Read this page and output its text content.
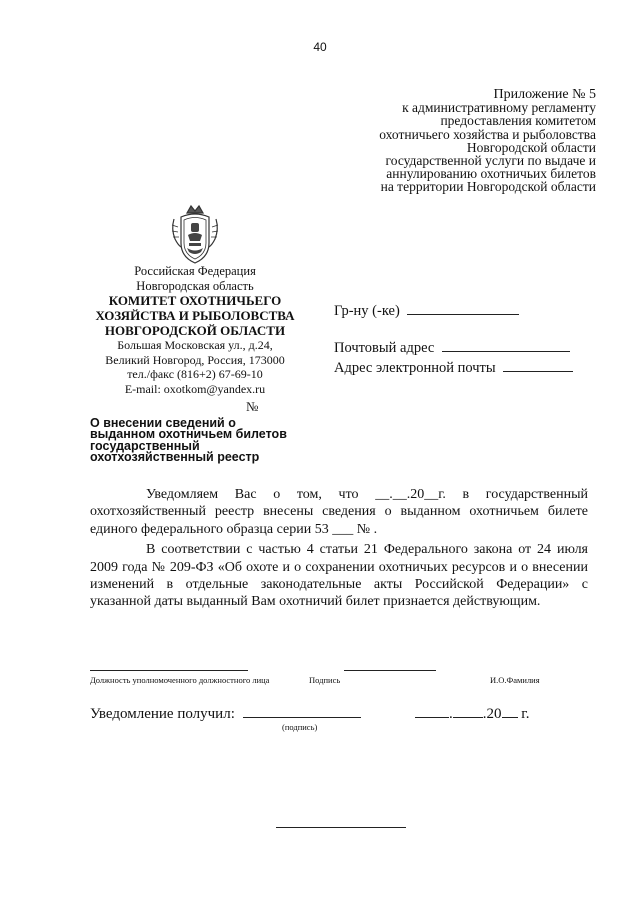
40
Приложение № 5
к административному регламенту
предоставления комитетом
охотничьего хозяйства и рыболовства
Новгородской области
государственной услуги по выдаче и
аннулированию охотничьих билетов
на территории Новгородской области
Российская Федерация
Новгородская область
КОМИТЕТ ОХОТНИЧЬЕГО
ХОЗЯЙСТВА И РЫБОЛОВСТВА
НОВГОРОДСКОЙ ОБЛАСТИ
Большая Московская ул., д.24,
Великий Новгород, Россия, 173000
тел./факс (816+2) 67-69-10
E-mail: oxotkom@yandex.ru
№
О внесении сведений о
выданном охотничьем билетов
государственный
охотхозяйственный реестр
Гр-ну (-ке)
Почтовый адрес
Адрес электронной почты

Уведомляем Вас о том, что __.__.20__г. в государственный охотхозяйственный реестр внесены сведения о выданном охотничьем билете единого федерального образца серии 53 ___ № .

В соответствии с частью 4 статьи 21 Федерального закона от 24 июля 2009 года № 209-ФЗ «Об охоте и о сохранении охотничьих ресурсов и о внесении изменений в отдельные законодательные акты Российской Федерации» с указанной даты выданный Вам охотничий билет признается действующим.

Должность уполномоченного должностного лица	Подпись	И.О.Фамилия
Уведомление получил:	. .20 г.
(подпись)
